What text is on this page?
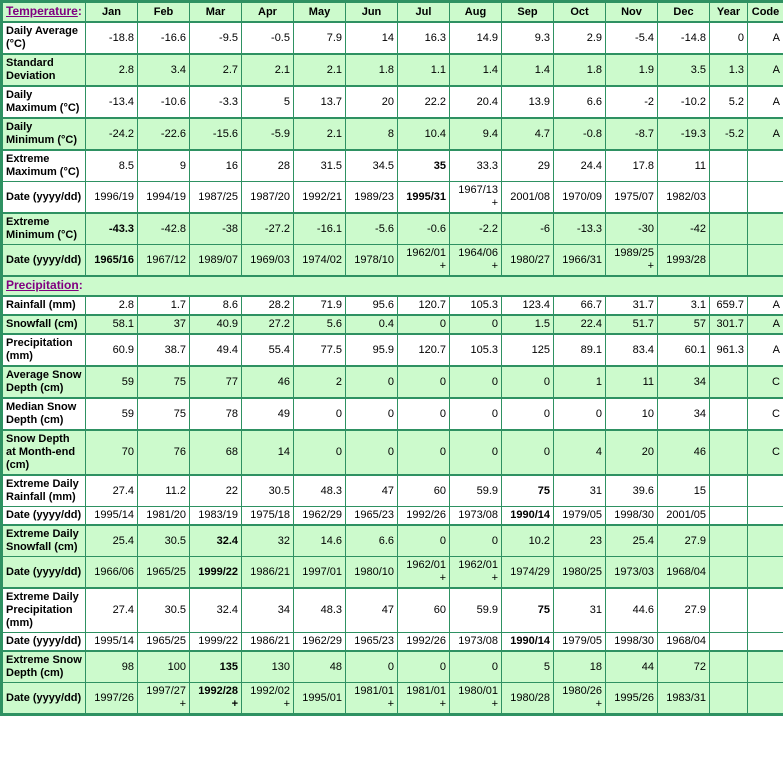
Temperature:	Jan	Feb	Mar	Apr	May	Jun	Jul	Aug	Sep	Oct	Nov	Dec	Year	Code
Daily Average (°C)	-18.8	-16.6	-9.5	-0.5	7.9	14	16.3	14.9	9.3	2.9	-5.4	-14.8	0	A
Standard Deviation	2.8	3.4	2.7	2.1	2.1	1.8	1.1	1.4	1.4	1.8	1.9	3.5	1.3	A
Daily Maximum (°C)	-13.4	-10.6	-3.3	5	13.7	20	22.2	20.4	13.9	6.6	-2	-10.2	5.2	A
Daily Minimum (°C)	-24.2	-22.6	-15.6	-5.9	2.1	8	10.4	9.4	4.7	-0.8	-8.7	-19.3	-5.2	A
Extreme Maximum (°C)	8.5	9	16	28	31.5	34.5	35	33.3	29	24.4	17.8	11		
Date (yyyy/dd)	1996/19	1994/19	1987/25	1987/20	1992/21	1989/23	1995/31	1967/13+	2001/08	1970/09	1975/07	1982/03		
Extreme Minimum (°C)	-43.3	-42.8	-38	-27.2	-16.1	-5.6	-0.6	-2.2	-6	-13.3	-30	-42		
Date (yyyy/dd)	1965/16	1967/12	1989/07	1969/03	1974/02	1978/10	1962/01+	1964/06+	1980/27	1966/31	1989/25+	1993/28		
Precipitation:														
Rainfall (mm)	2.8	1.7	8.6	28.2	71.9	95.6	120.7	105.3	123.4	66.7	31.7	3.1	659.7	A
Snowfall (cm)	58.1	37	40.9	27.2	5.6	0.4	0	0	1.5	22.4	51.7	57	301.7	A
Precipitation (mm)	60.9	38.7	49.4	55.4	77.5	95.9	120.7	105.3	125	89.1	83.4	60.1	961.3	A
Average Snow Depth (cm)	59	75	77	46	2	0	0	0	0	1	11	34		C
Median Snow Depth (cm)	59	75	78	49	0	0	0	0	0	0	10	34		C
Snow Depth at Month-end (cm)	70	76	68	14	0	0	0	0	0	4	20	46		C
Extreme Daily Rainfall (mm)	27.4	11.2	22	30.5	48.3	47	60	59.9	75	31	39.6	15		
Date (yyyy/dd)	1995/14	1981/20	1983/19	1975/18	1962/29	1965/23	1992/26	1973/08	1990/14	1979/05	1998/30	2001/05		
Extreme Daily Snowfall (cm)	25.4	30.5	32.4	32	14.6	6.6	0	0	10.2	23	25.4	27.9		
Date (yyyy/dd)	1966/06	1965/25	1999/22	1986/21	1997/01	1980/10	1962/01+	1962/01+	1974/29	1980/25	1973/03	1968/04		
Extreme Daily Precipitation (mm)	27.4	30.5	32.4	34	48.3	47	60	59.9	75	31	44.6	27.9		
Date (yyyy/dd)	1995/14	1965/25	1999/22	1986/21	1962/29	1965/23	1992/26	1973/08	1990/14	1979/05	1998/30	1968/04		
Extreme Snow Depth (cm)	98	100	135	130	48	0	0	0	5	18	44	72		
Date (yyyy/dd)	1997/26	1997/27+	1992/28+	1992/02+	1995/01	1981/01+	1981/01+	1980/01+	1980/28	1980/26+	1995/26	1983/31		
